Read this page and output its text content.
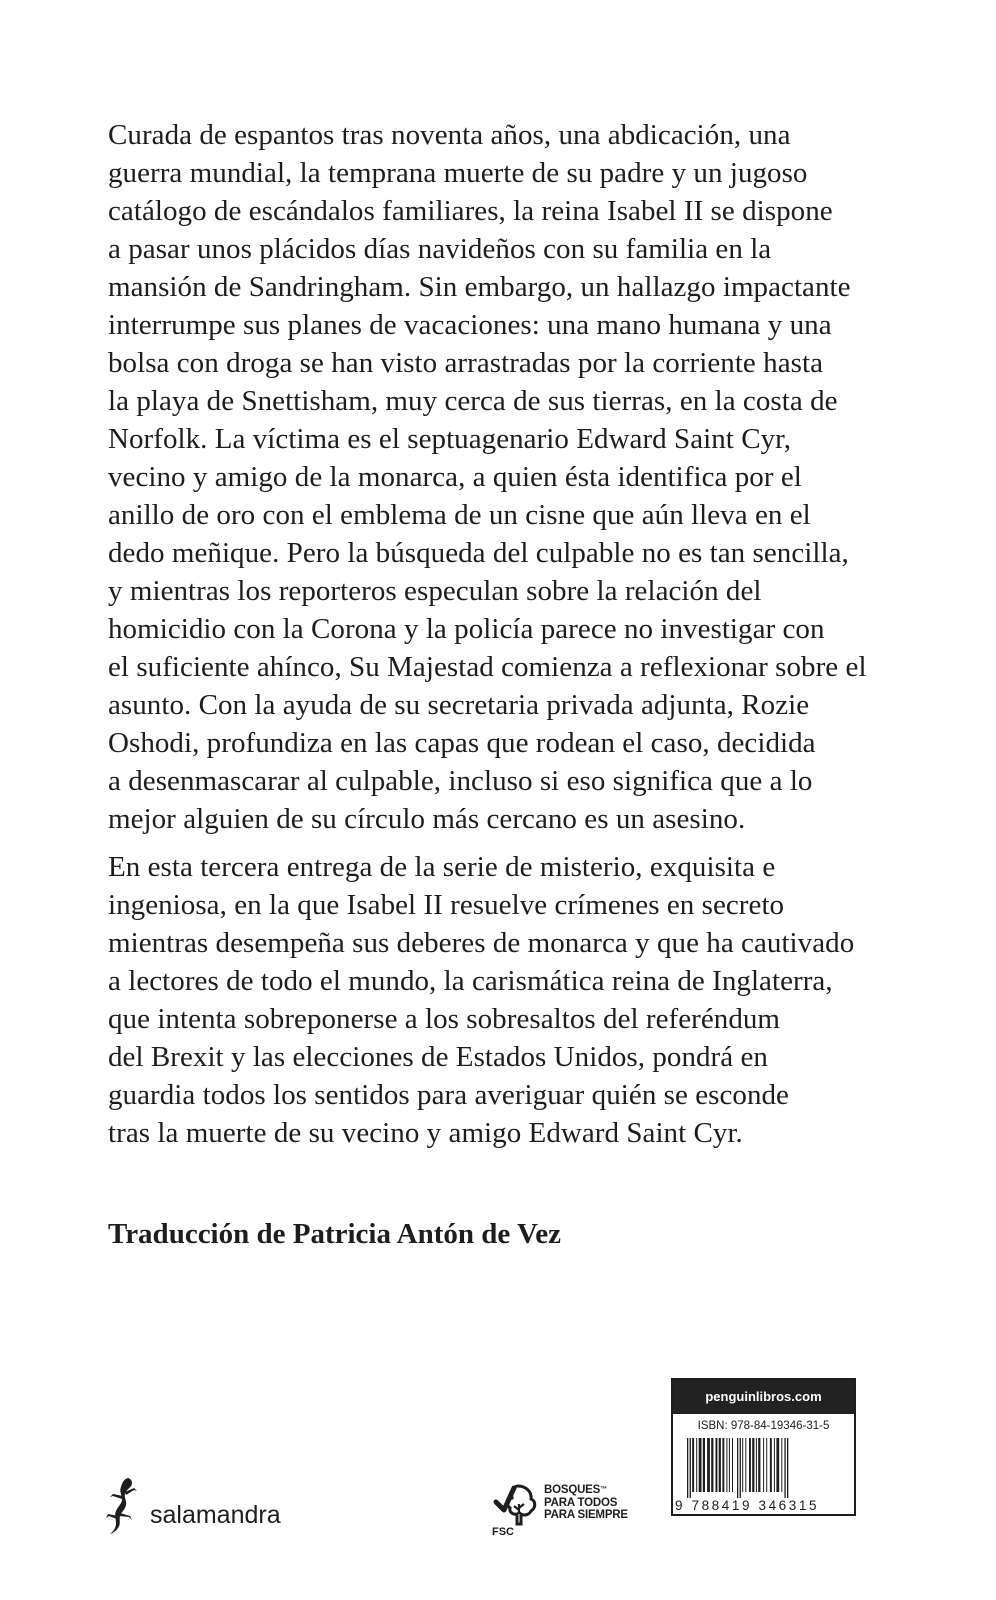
Curada de espantos tras noventa años, una abdicación, una
guerra mundial, la temprana muerte de su padre y un jugoso
catálogo de escándalos familiares, la reina Isabel II se dispone
a pasar unos plácidos días navideños con su familia en la
mansión de Sandringham. Sin embargo, un hallazgo impactante
interrumpe sus planes de vacaciones: una mano humana y una
bolsa con droga se han visto arrastradas por la corriente hasta
la playa de Snettisham, muy cerca de sus tierras, en la costa de
Norfolk. La víctima es el septuagenario Edward Saint Cyr,
vecino y amigo de la monarca, a quien ésta identifica por el
anillo de oro con el emblema de un cisne que aún lleva en el
dedo meñique. Pero la búsqueda del culpable no es tan sencilla,
y mientras los reporteros especulan sobre la relación del
homicidio con la Corona y la policía parece no investigar con
el suficiente ahínco, Su Majestad comienza a reflexionar sobre el
asunto. Con la ayuda de su secretaria privada adjunta, Rozie
Oshodi, profundiza en las capas que rodean el caso, decidida
a desenmascarar al culpable, incluso si eso significa que a lo
mejor alguien de su círculo más cercano es un asesino.
En esta tercera entrega de la serie de misterio, exquisita e
ingeniosa, en la que Isabel II resuelve crímenes en secreto
mientras desempeña sus deberes de monarca y que ha cautivado
a lectores de todo el mundo, la carismática reina de Inglaterra,
que intenta sobreponerse a los sobresaltos del referéndum
del Brexit y las elecciones de Estados Unidos, pondrá en
guardia todos los sentidos para averiguar quién se esconde
tras la muerte de su vecino y amigo Edward Saint Cyr.
Traducción de Patricia Antón de Vez
salamandra
BOSQUES™
PARA TODOS
PARA SIEMPRE
FSC
penguinlibros.com
ISBN: 978-84-19346-31-5
9 788419 346315
